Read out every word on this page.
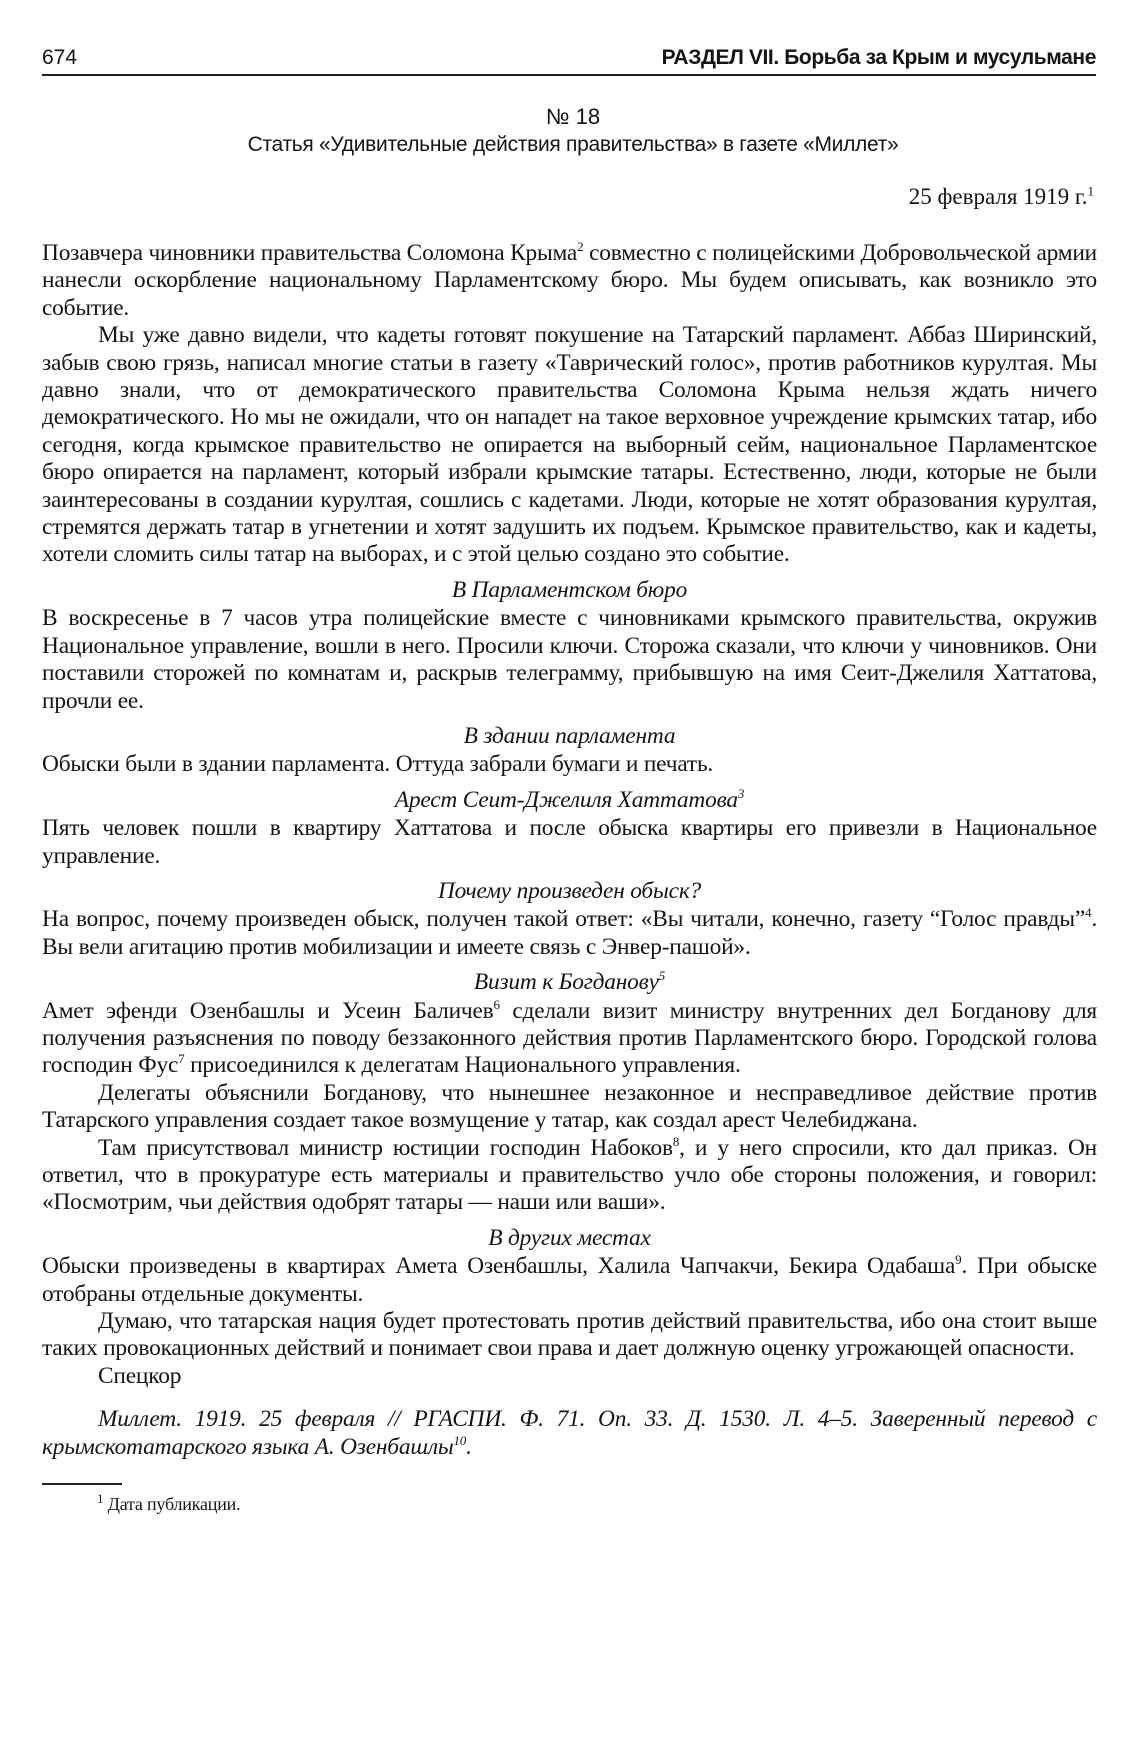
674	РАЗДЕЛ VII. Борьба за Крым и мусульмане
№ 18
Статья «Удивительные действия правительства» в газете «Миллет»
25 февраля 1919 г.$^1$
Позавчера чиновники правительства Соломона Крыма$^2$ совместно с полицейскими Добровольческой армии нанесли оскорбление национальному Парламентскому бюро. Мы будем описывать, как возникло это событие.
Мы уже давно видели, что кадеты готовят покушение на Татарский парламент. Аббаз Ширинский, забыв свою грязь, написал многие статьи в газету «Таврический голос», против работников курултая. Мы давно знали, что от демократического правительства Соломона Крыма нельзя ждать ничего демократического. Но мы не ожидали, что он нападет на такое верховное учреждение крымских татар, ибо сегодня, когда крымское правительство не опирается на выборный сейм, национальное Парламентское бюро опирается на парламент, который избрали крымские татары. Естественно, люди, которые не были заинтересованы в создании курултая, сошлись с кадетами. Люди, которые не хотят образования курултая, стремятся держать татар в угнетении и хотят задушить их подъем. Крымское правительство, как и кадеты, хотели сломить силы татар на выборах, и с этой целью создано это событие.
В Парламентском бюро
В воскресенье в 7 часов утра полицейские вместе с чиновниками крымского правительства, окружив Национальное управление, вошли в него. Просили ключи. Сторожа сказали, что ключи у чиновников. Они поставили сторожей по комнатам и, раскрыв телеграмму, прибывшую на имя Сеит-Джелиля Хаттатова, прочли ее.
В здании парламента
Обыски были в здании парламента. Оттуда забрали бумаги и печать.
Арест Сеит-Джелиля Хаттатова$^3$
Пять человек пошли в квартиру Хаттатова и после обыска квартиры его привезли в Национальное управление.
Почему произведен обыск?
На вопрос, почему произведен обыск, получен такой ответ: «Вы читали, конечно, газету “Голос правды”$^4$. Вы вели агитацию против мобилизации и имеете связь с Энвер-пашой».
Визит к Богданову$^5$
Амет эфенди Озенбашлы и Усеин Баличев$^6$ сделали визит министру внутренних дел Богданову для получения разъяснения по поводу беззаконного действия против Парламентского бюро. Городской голова господин Фус$^7$ присоединился к делегатам Национального управления.
Делегаты объяснили Богданову, что нынешнее незаконное и несправедливое действие против Татарского управления создает такое возмущение у татар, как создал арест Челебиджана.
Там присутствовал министр юстиции господин Набоков$^8$, и у него спросили, кто дал приказ. Он ответил, что в прокуратуре есть материалы и правительство учло обе стороны положения, и говорил: «Посмотрим, чьи действия одобрят татары — наши или ваши».
В других местах
Обыски произведены в квартирах Амета Озенбашлы, Халила Чапчакчи, Бекира Одабаша$^9$. При обыске отобраны отдельные документы.
Думаю, что татарская нация будет протестовать против действий правительства, ибо она стоит выше таких провокационных действий и понимает свои права и дает должную оценку угрожающей опасности.
Спецкор
Миллет. 1919. 25 февраля // РГАСПИ. Ф. 71. Оп. 33. Д. 1530. Л. 4–5. Заверенный перевод с крымскотатарского языка А. Озенбашлы$^{10}$.
$^1$ Дата публикации.
